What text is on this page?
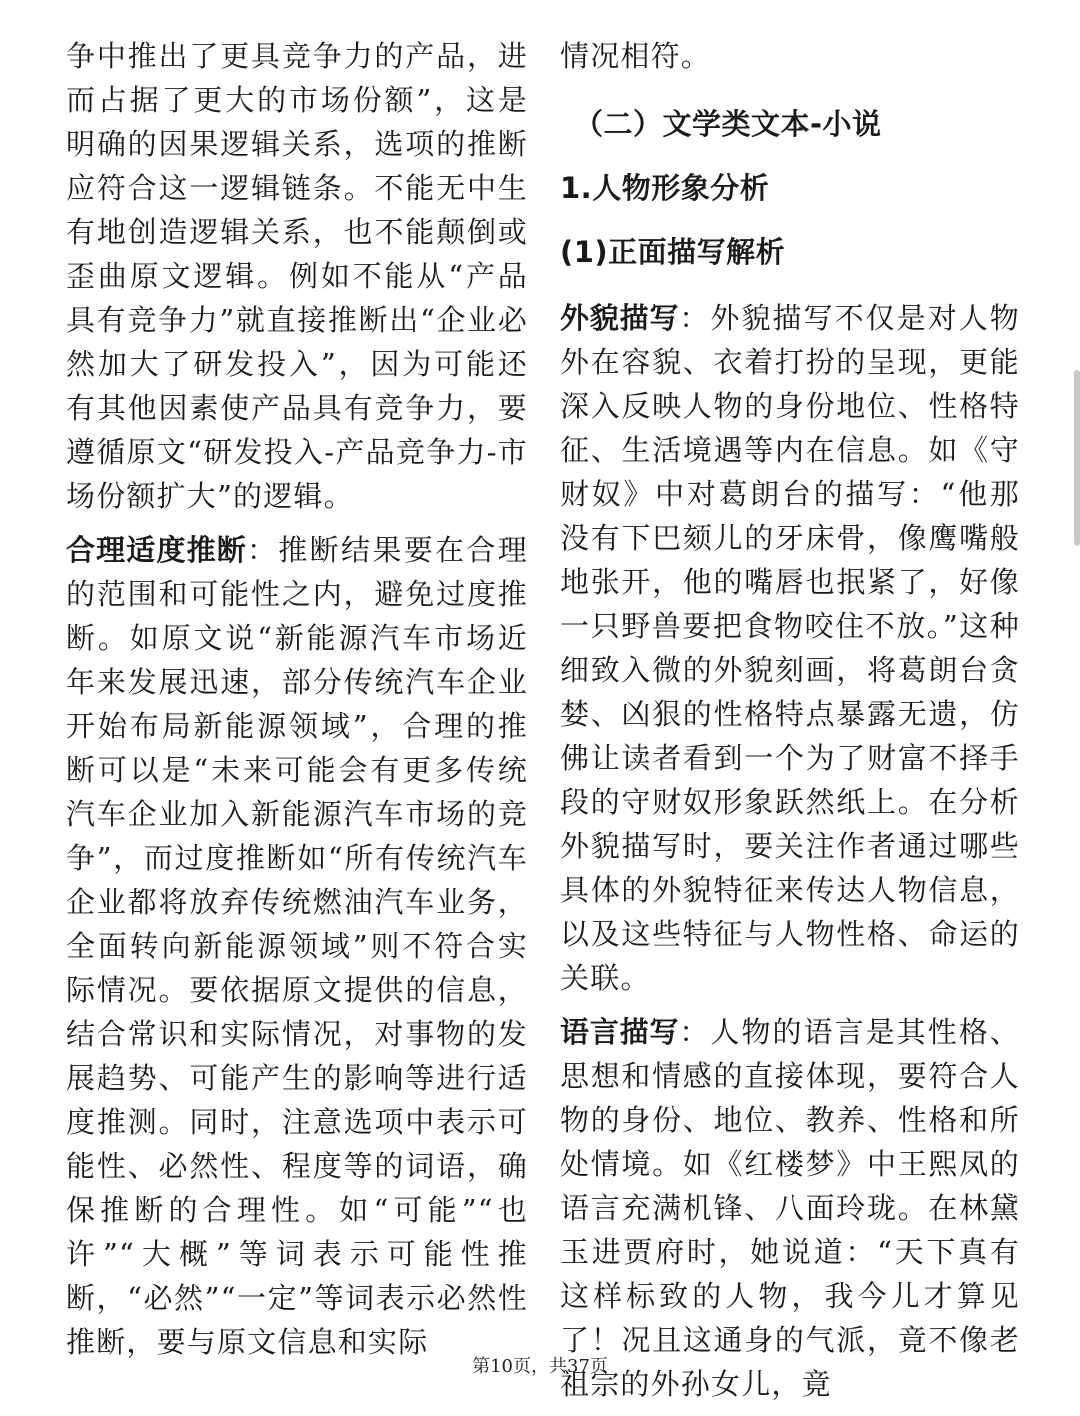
争中推出了更具竞争力的产品，进而占据了更大的市场份额”，这是明确的因果逻辑关系，选项的推断应符合这一逻辑链条。不能无中生有地创造逻辑关系，也不能颠倒或歪曲原文逻辑。例如不能从“产品具有竞争力”就直接推断出“企业必然加大了研发投入”，因为可能还有其他因素使产品具有竞争力，要遵循原文“研发投入-产品竞争力-市场份额扩大”的逻辑。

合理适度推断：推断结果要在合理的范围和可能性之内，避免过度推断。如原文说“新能源汽车市场近年来发展迅速，部分传统汽车企业开始布局新能源领域”，合理的推断可以是“未来可能会有更多传统汽车企业加入新能源汽车市场的竞争”，而过度推断如“所有传统汽车企业都将放弃传统燃油汽车业务，全面转向新能源领域”则不符合实际情况。要依据原文提供的信息，结合常识和实际情况，对事物的发展趋势、可能产生的影响等进行适度推测。同时，注意选项中表示可能性、必然性、程度等的词语，确保推断的合理性。如“可能”“也许”“大概”等词表示可能性推断，“必然”“一定”等词表示必然性推断，要与原文信息和实际

情况相符。

（二）文学类文本-小说
1.人物形象分析
(1)正面描写解析

外貌描写：外貌描写不仅是对人物外在容貌、衣着打扮的呈现，更能深入反映人物的身份地位、性格特征、生活境遇等内在信息。如《守财奴》中对葛朗台的描写：“他那没有下巴颏儿的牙床骨，像鹰嘴般地张开，他的嘴唇也抿紧了，好像一只野兽要把食物咬住不放。”这种细致入微的外貌刻画，将葛朗台贪婪、凶狠的性格特点暴露无遗，仿佛让读者看到一个为了财富不择手段的守财奴形象跃然纸上。在分析外貌描写时，要关注作者通过哪些具体的外貌特征来传达人物信息，以及这些特征与人物性格、命运的关联。

语言描写：人物的语言是其性格、思想和情感的直接体现，要符合人物的身份、地位、教养、性格和所处情境。如《红楼梦》中王熙凤的语言充满机锋、八面玲珑。在林黛玉进贾府时，她说道：“天下真有这样标致的人物，我今儿才算见了！况且这通身的气派，竟不像老祖宗的外孙女儿，竟

第10页，共37页
